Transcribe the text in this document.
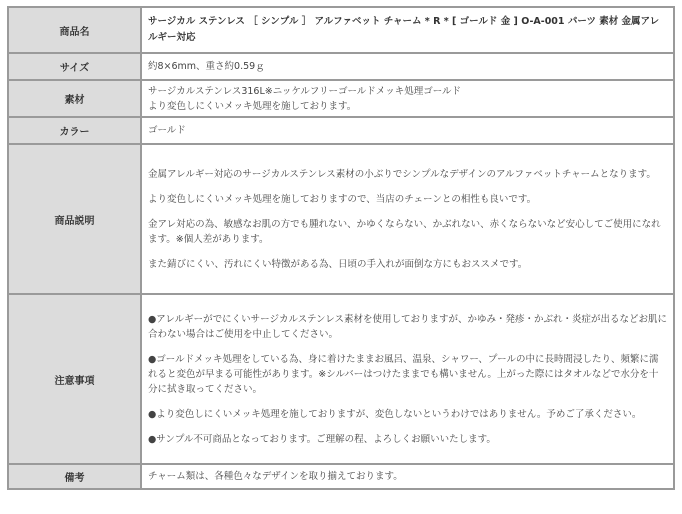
商品名	サージカル ステンレス ［ シンプル ］ アルファベット チャーム * R * [ ゴールド 金 ] O-A-001 パーツ 素材 金属アレルギー対応
サイズ	約8×6mm、重さ約0.59ｇ
素材	サージカルステンレス316L※ニッケルフリーゴールドメッキ処理ゴールド

より変色しにくいメッキ処理を施しております。

カラー	ゴールド
商品説明	金属アレルギー対応のサージカルステンレス素材の小ぶりでシンプルなデザインのアルファベットチャームとなります。

より変色しにくいメッキ処理を施しておりますので、当店のチェーンとの相性も良いです。

金アレ対応の為、敏感なお肌の方でも腫れない、かゆくならない、かぶれない、赤くならないなど安心してご使用になれます。※個人差があります。

また錆びにくい、汚れにくい特徴がある為、日頃の手入れが面倒な方にもおススメです。

注意事項	●アレルギーがでにくいサージカルステンレス素材を使用しておりますが、かゆみ・発疹・かぶれ・炎症が出るなどお肌に合わない場合はご使用を中止してください。

●ゴールドメッキ処理をしている為、身に着けたままお風呂、温泉、シャワー、プールの中に長時間浸したり、頻繁に濡れると変色が早まる可能性があります。※シルバーはつけたままでも構いません。上がった際にはタオルなどで水分を十分に拭き取ってください。

●より変色しにくいメッキ処理を施しておりますが、変色しないというわけではありません。予めご了承ください。

●サンプル不可商品となっております。ご理解の程、よろしくお願いいたします。

備考	チャーム類は、各種色々なデザインを取り揃えております。
